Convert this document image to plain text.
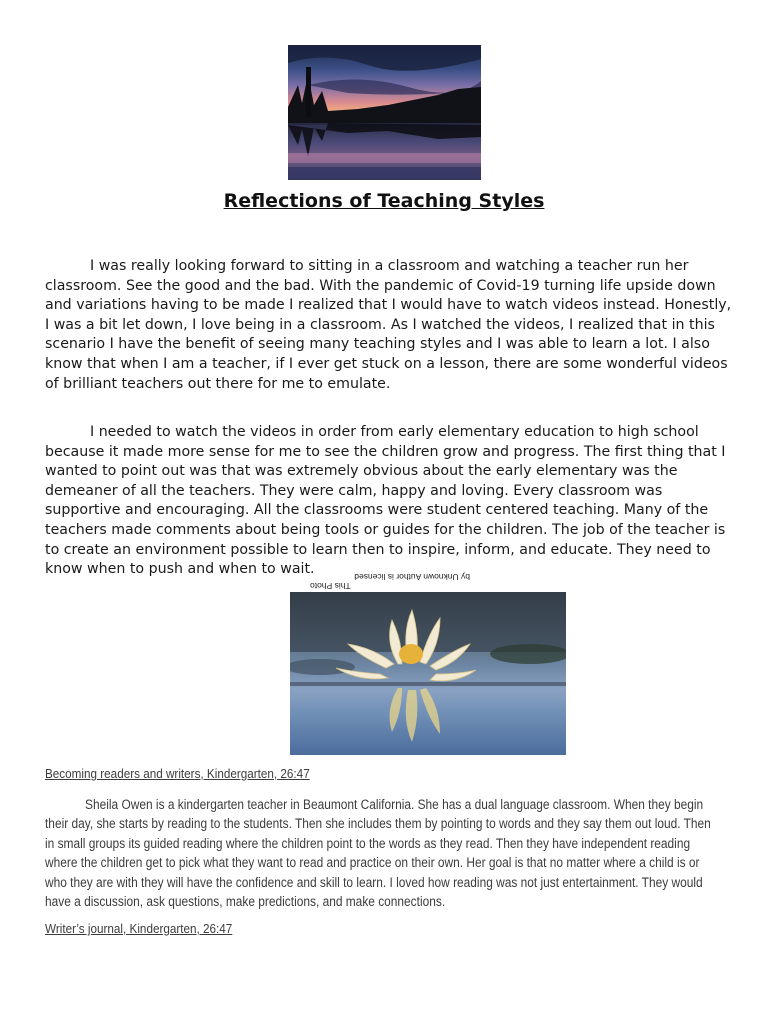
Reflections of Teaching Styles

I was really looking forward to sitting in a classroom and watching a teacher run her classroom. See the good and the bad. With the pandemic of Covid-19 turning life upside down and variations having to be made I realized that I would have to watch videos instead. Honestly, I was a bit let down, I love being in a classroom. As I watched the videos, I realized that in this scenario I have the benefit of seeing many teaching styles and I was able to learn a lot. I also know that when I am a teacher, if I ever get stuck on a lesson, there are some wonderful videos of brilliant teachers out there for me to emulate.

I needed to watch the videos in order from early elementary education to high school because it made more sense for me to see the children grow and progress. The first thing that I wanted to point out was that was extremely obvious about the early elementary was the demeaner of all the teachers. They were calm, happy and loving. Every classroom was supportive and encouraging. All the classrooms were student centered teaching. Many of the teachers made comments about being tools or guides for the children. The job of the teacher is to create an environment possible to learn then to inspire, inform, and educate. They need to know when to push and when to wait.

This Photo
by Unknown Author is licensed
Becoming readers and writers, Kindergarten, 26:47

Sheila Owen is a kindergarten teacher in Beaumont California. She has a dual language classroom. When they begin their day, she starts by reading to the students. Then she includes them by pointing to words and they say them out loud. Then in small groups its guided reading where the children point to the words as they read. Then they have independent reading where the children get to pick what they want to read and practice on their own. Her goal is that no matter where a child is or who they are with they will have the confidence and skill to learn. I loved how reading was not just entertainment. They would have a discussion, ask questions, make predictions, and make connections.

Writer’s journal, Kindergarten, 26:47
